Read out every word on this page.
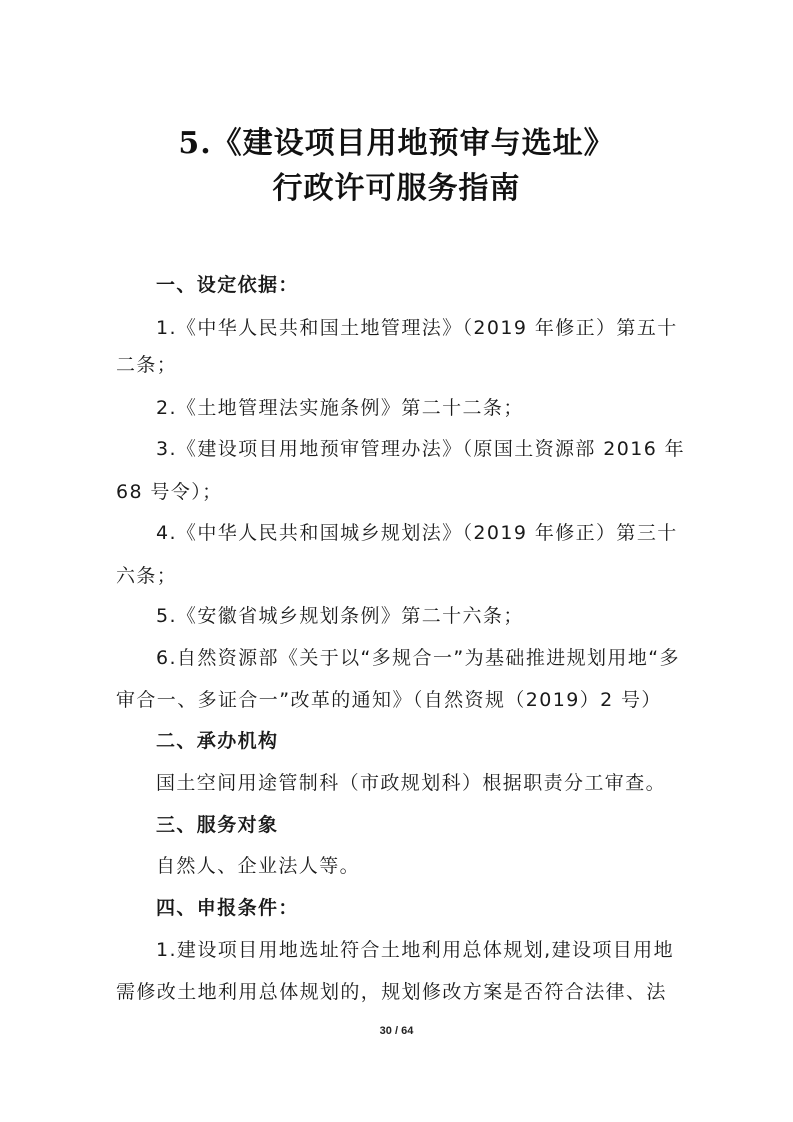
5.《建设项目用地预审与选址》
行政许可服务指南
一、设定依据：
1.《中华人民共和国土地管理法》（2019 年修正）第五十
二条；
2.《土地管理法实施条例》第二十二条；
3.《建设项目用地预审管理办法》（原国土资源部 2016 年
68 号令）；
4.《中华人民共和国城乡规划法》（2019 年修正）第三十
六条；
5.《安徽省城乡规划条例》第二十六条；
6.自然资源部《关于以“多规合一”为基础推进规划用地“多
审合一、多证合一”改革的通知》（自然资规（2019）2 号）
二、承办机构
国土空间用途管制科（市政规划科）根据职责分工审查。
三、服务对象
自然人、企业法人等。
四、申报条件：
1.建设项目用地选址符合土地利用总体规划,建设项目用地
需修改土地利用总体规划的，规划修改方案是否符合法律、法
30 / 64
